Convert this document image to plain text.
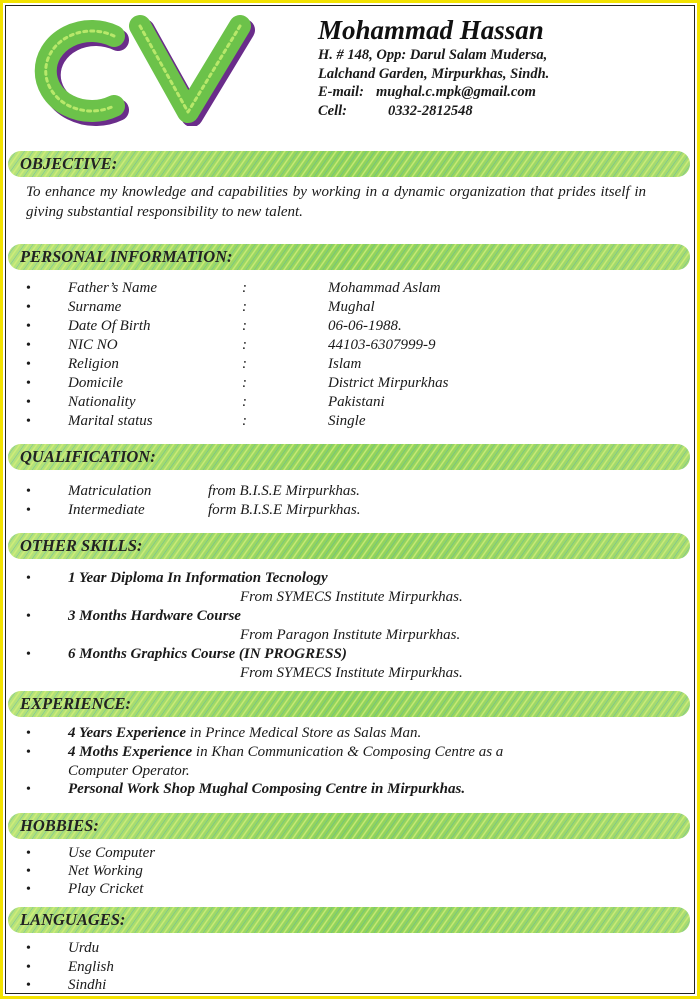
Mohammad Hassan
H. # 148, Opp: Darul Salam Mudersa,
Lalchand Garden, Mirpurkhas, Sindh.
E-mail: mughal.c.mpk@gmail.com
Cell:	0332-2812548
OBJECTIVE:
To enhance my knowledge and capabilities by working in a dynamic organization that prides itself in giving substantial responsibility to new talent.
PERSONAL INFORMATION:
• Father’s Name	:	Mohammad Aslam
• Surname	:	Mughal
• Date Of Birth	:	06-06-1988.
• NIC NO	:	44103-6307999-9
• Religion	:	Islam
• Domicile	:	District Mirpurkhas
• Nationality	:	Pakistani
• Marital status	:	Single
QUALIFICATION:
• Matriculation	from B.I.S.E Mirpurkhas.
• Intermediate	form B.I.S.E Mirpurkhas.
OTHER SKILLS:
• 1 Year Diploma In Information Tecnology
From SYMECS Institute Mirpurkhas.
• 3 Months Hardware Course
From Paragon Institute Mirpurkhas.
• 6 Months Graphics Course (IN PROGRESS)
From SYMECS Institute Mirpurkhas.
EXPERIENCE:
• 4 Years Experience in Prince Medical Store as Salas Man.
• 4 Moths Experience in Khan Communication & Composing Centre as a
Computer Operator.
• Personal Work Shop Mughal Composing Centre in Mirpurkhas.
HOBBIES:
• Use Computer
• Net Working
• Play Cricket
LANGUAGES:
• Urdu
• English
• Sindhi
